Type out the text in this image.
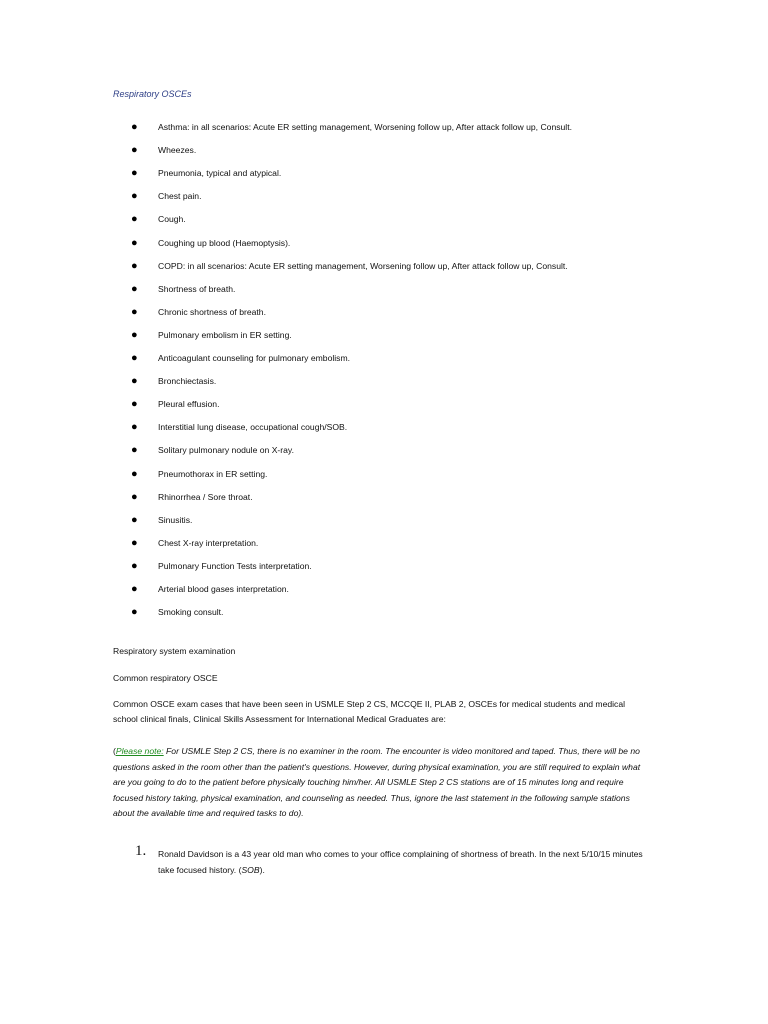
Respiratory OSCEs
● Asthma: in all scenarios: Acute ER setting management, Worsening follow up, After attack follow up, Consult.
● Wheezes.
● Pneumonia, typical and atypical.
● Chest pain.
● Cough.
● Coughing up blood (Haemoptysis).
● COPD: in all scenarios: Acute ER setting management, Worsening follow up, After attack follow up, Consult.
● Shortness of breath.
● Chronic shortness of breath.
● Pulmonary embolism in ER setting.
● Anticoagulant counseling for pulmonary embolism.
● Bronchiectasis.
● Pleural effusion.
● Interstitial lung disease, occupational cough/SOB.
● Solitary pulmonary nodule on X-ray.
● Pneumothorax in ER setting.
● Rhinorrhea / Sore throat.
● Sinusitis.
● Chest X-ray interpretation.
● Pulmonary Function Tests interpretation.
● Arterial blood gases interpretation.
● Smoking consult.
Respiratory system examination
Common respiratory OSCE
Common OSCE exam cases that have been seen in USMLE Step 2 CS, MCCQE II, PLAB 2, OSCEs for medical students and medical
school clinical finals, Clinical Skills Assessment for International Medical Graduates are:
(Please note: For USMLE Step 2 CS, there is no examiner in the room. The encounter is video monitored and taped. Thus, there will be no
questions asked in the room other than the patient's questions. However, during physical examination, you are still required to explain what
are you going to do to the patient before physically touching him/her. All USMLE Step 2 CS stations are of 15 minutes long and require
focused history taking, physical examination, and counseling as needed. Thus, ignore the last statement in the following sample stations
about the available time and required tasks to do).
1. Ronald Davidson is a 43 year old man who comes to your office complaining of shortness of breath. In the next 5/10/15 minutes
take focused history. (SOB).
